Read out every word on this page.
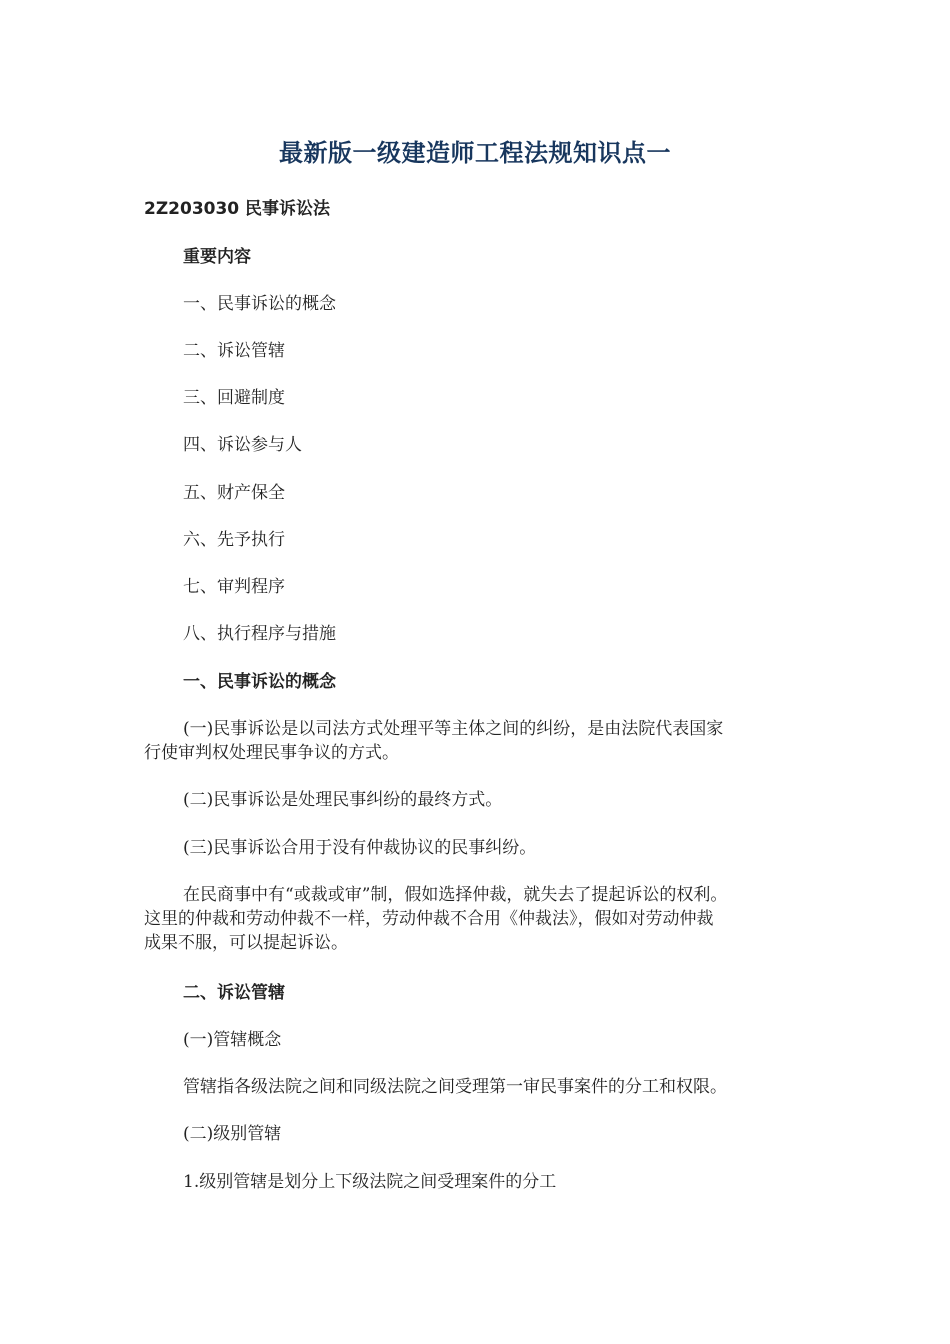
最新版一级建造师工程法规知识点一
2Z203030 民事诉讼法
重要内容
一、民事诉讼的概念
二、诉讼管辖
三、回避制度
四、诉讼参与人
五、财产保全
六、先予执行
七、审判程序
八、执行程序与措施
一、民事诉讼的概念
(一)民事诉讼是以司法方式处理平等主体之间的纠纷，是由法院代表国家
行使审判权处理民事争议的方式。
(二)民事诉讼是处理民事纠纷的最终方式。
(三)民事诉讼合用于没有仲裁协议的民事纠纷。
在民商事中有“或裁或审”制，假如选择仲裁，就失去了提起诉讼的权利。
这里的仲裁和劳动仲裁不一样，劳动仲裁不合用《仲裁法》，假如对劳动仲裁
成果不服，可以提起诉讼。
二、诉讼管辖
(一)管辖概念
管辖指各级法院之间和同级法院之间受理第一审民事案件的分工和权限。
(二)级别管辖
1.级别管辖是划分上下级法院之间受理案件的分工
